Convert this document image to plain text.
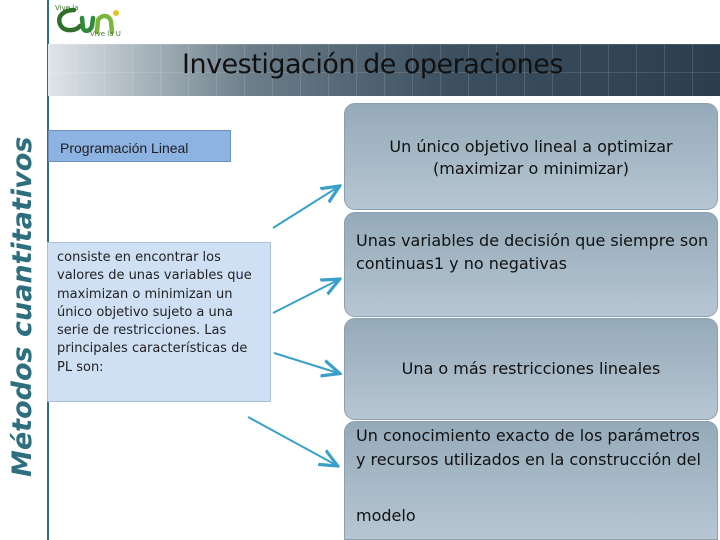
Métodos cuantitativos
Vive la
Vive la U
Investigación de operaciones
Programación Lineal
consiste en encontrar los valores de unas variables que maximizan o minimizan un único objetivo sujeto a una serie de restricciones. Las principales características de PL son:
Un único objetivo lineal a optimizar (maximizar o minimizar)
Unas variables de decisión que siempre son continuas1 y no negativas
Una o más restricciones lineales
Un conocimiento exacto de los parámetros y recursos utilizados en la construcción del
modelo
